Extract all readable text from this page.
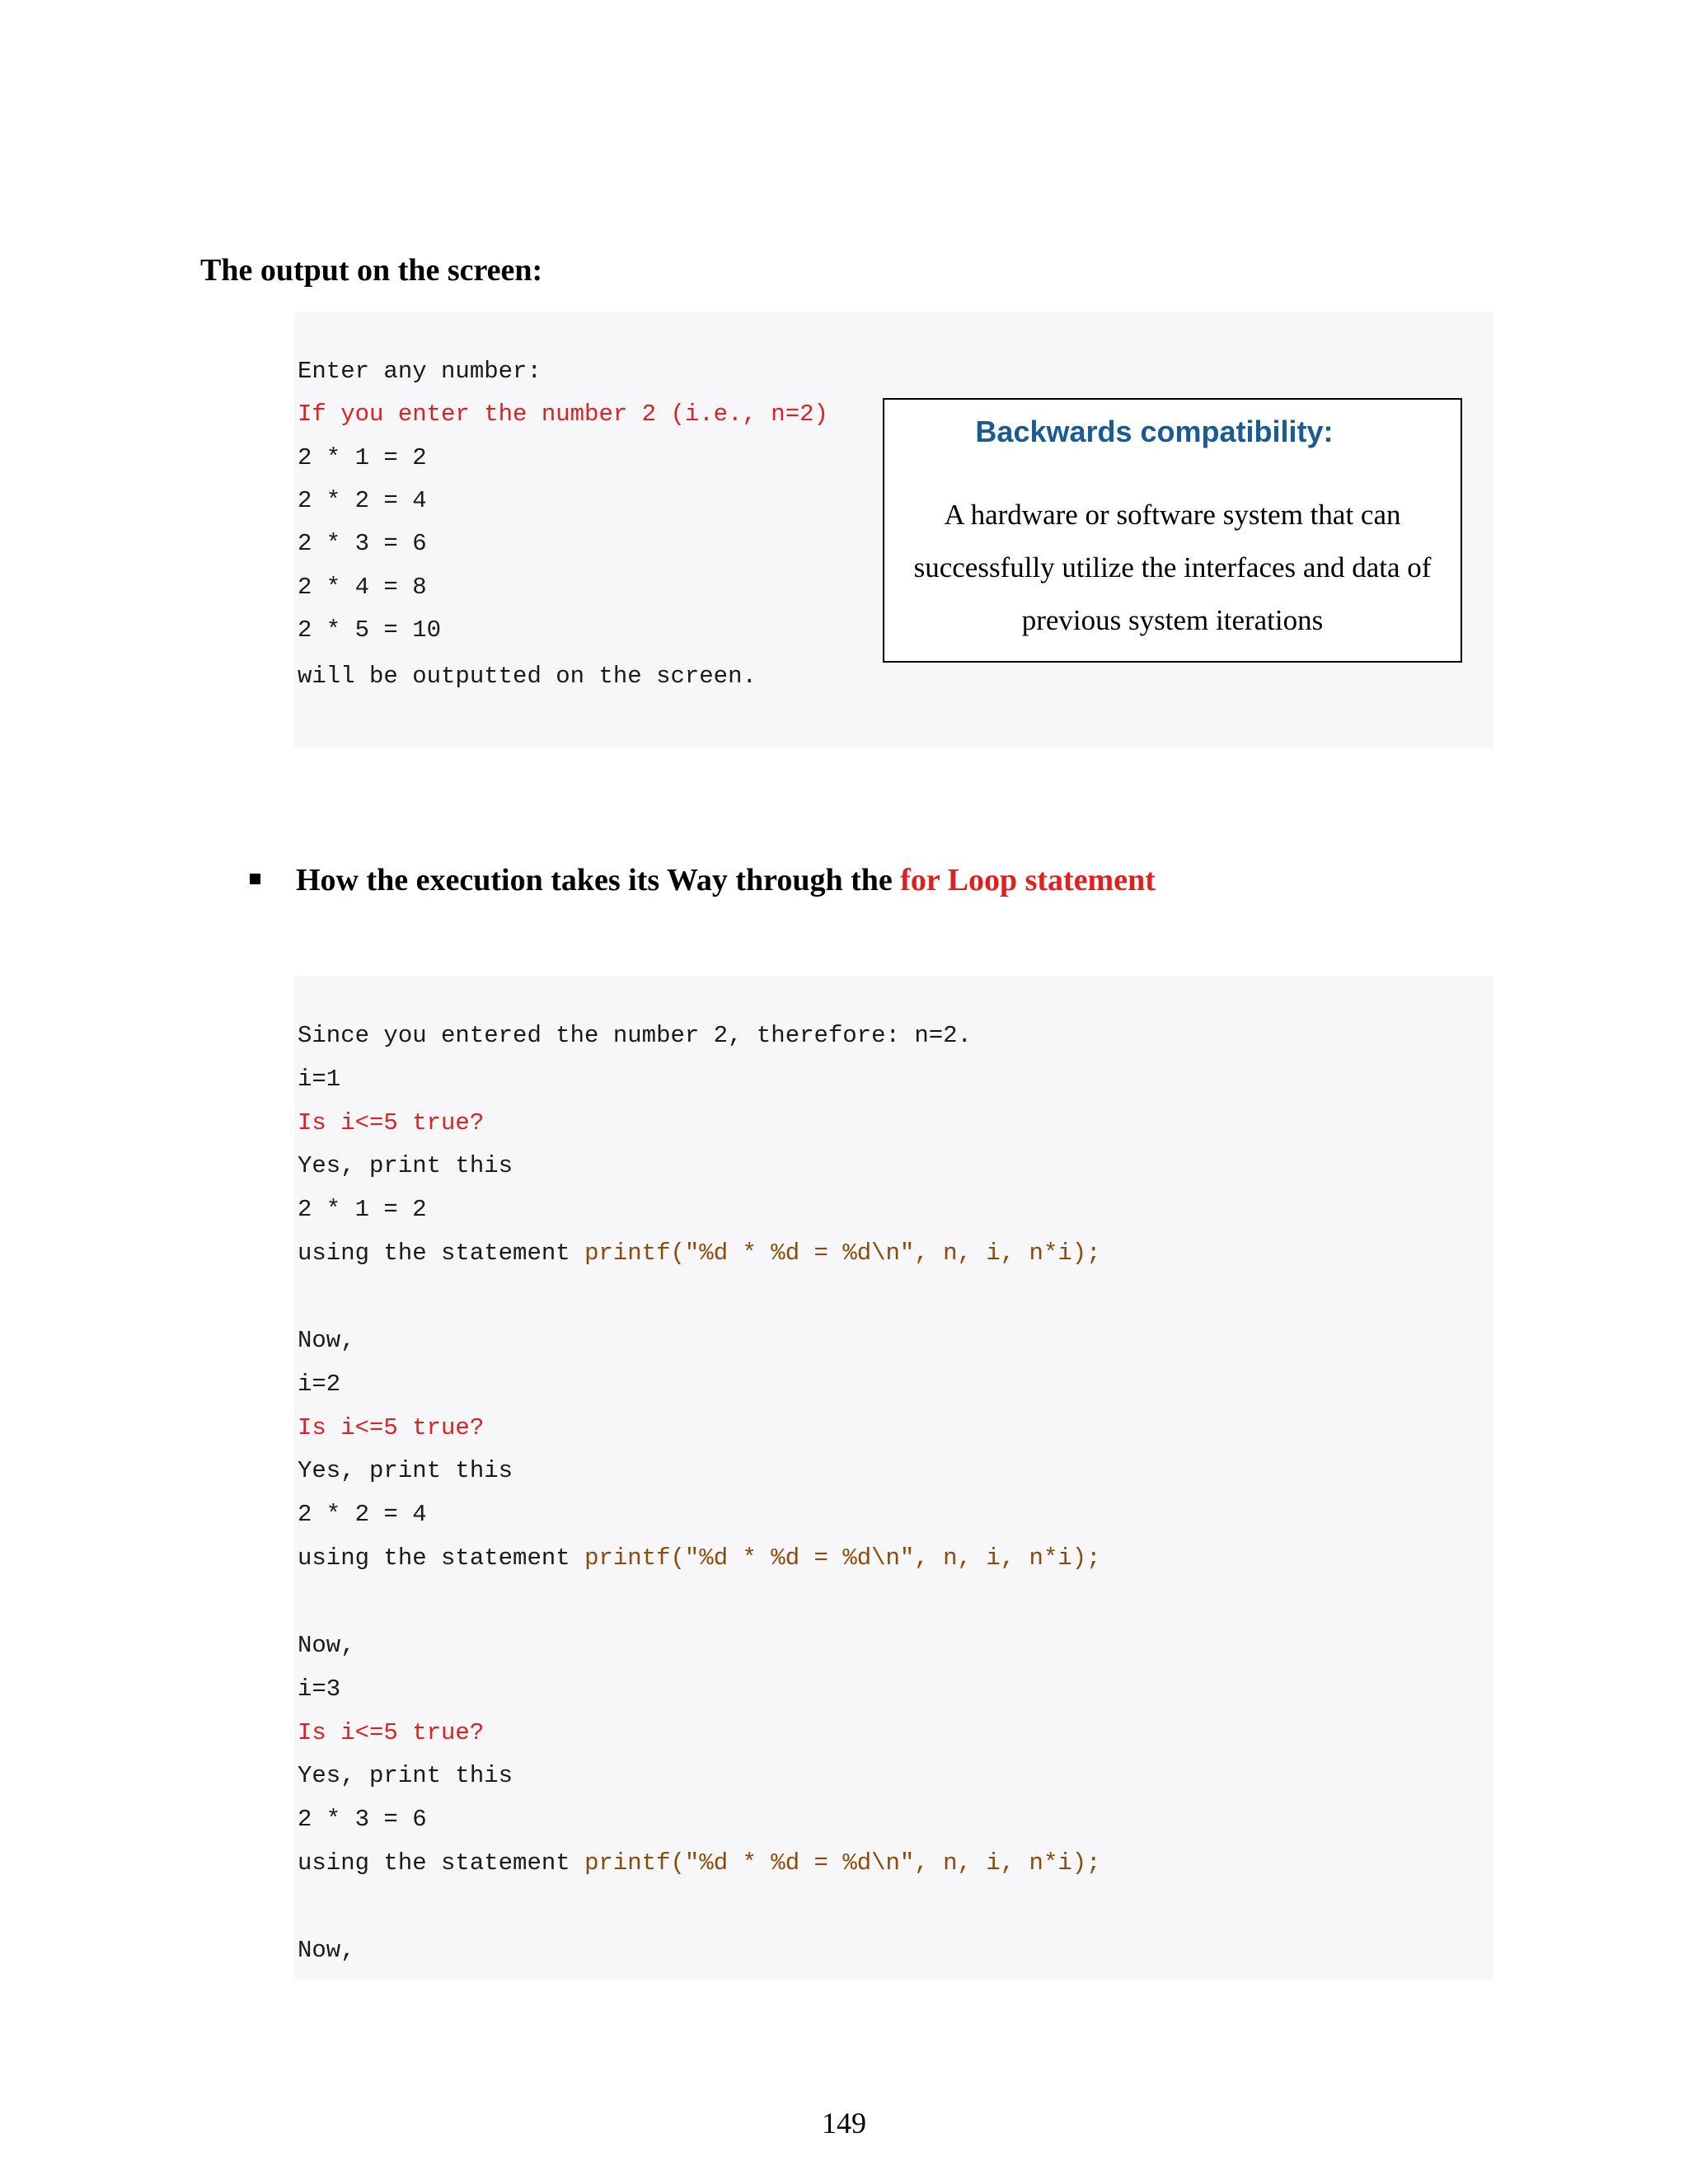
The output on the screen:
Enter any number:
If you enter the number 2 (i.e., n=2)
2 * 1 = 2
2 * 2 = 4
2 * 3 = 6
2 * 4 = 8
2 * 5 = 10
will be outputted on the screen.
Backwards compatibility:
A hardware or software system that can successfully utilize the interfaces and data of previous system iterations
How the execution takes its Way through the for Loop statement
Since you entered the number 2, therefore: n=2.
i=1
Is i<=5 true?
Yes, print this
2 * 1 = 2
using the statement printf("%d * %d = %d\n", n, i, n*i);
Now,
i=2
Is i<=5 true?
Yes, print this
2 * 2 = 4
using the statement printf("%d * %d = %d\n", n, i, n*i);
Now,
i=3
Is i<=5 true?
Yes, print this
2 * 3 = 6
using the statement printf("%d * %d = %d\n", n, i, n*i);
Now,
149
